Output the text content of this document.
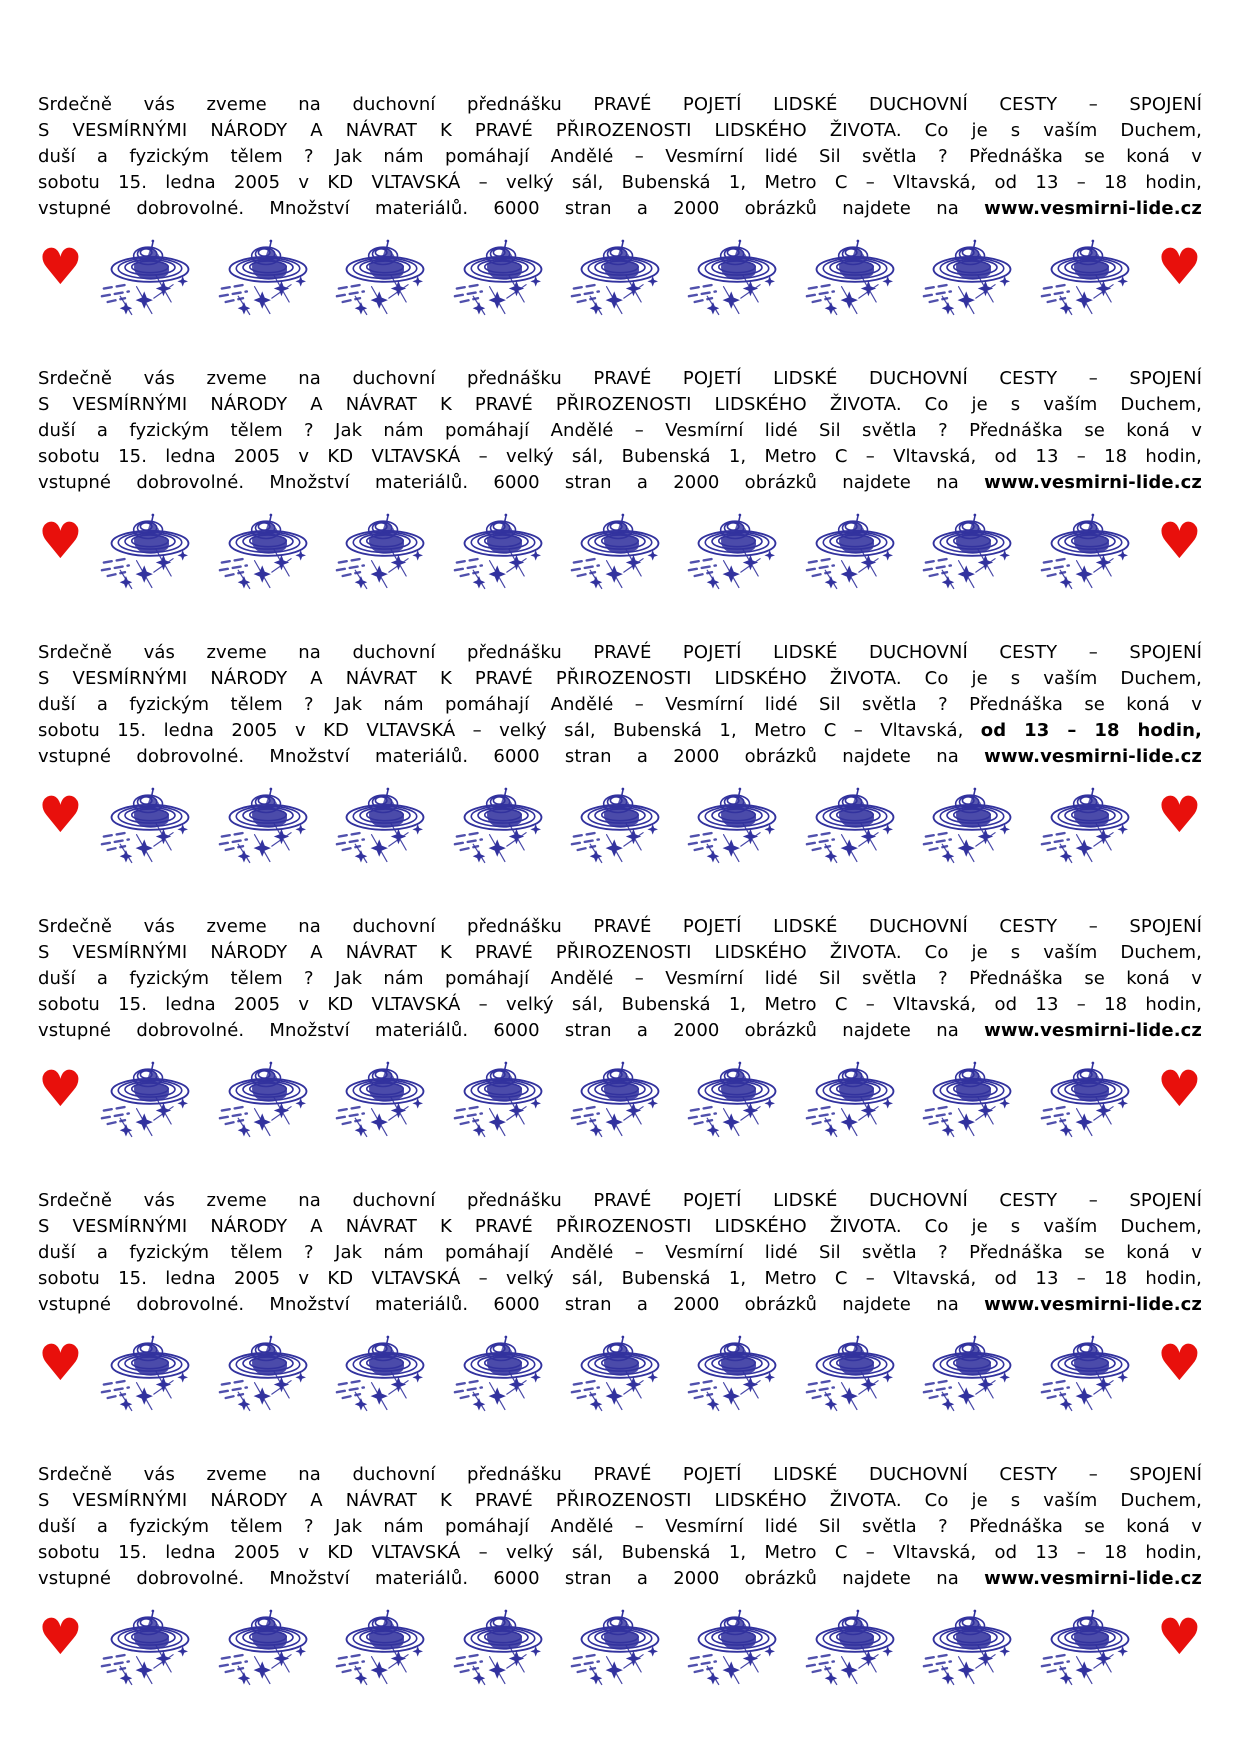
Srdečně vás zveme na duchovní přednášku PRAVÉ POJETÍ LIDSKÉ DUCHOVNÍ CESTY – SPOJENÍ
S VESMÍRNÝMI NÁRODY A NÁVRAT K PRAVÉ PŘIROZENOSTI LIDSKÉHO ŽIVOTA. Co je s vaším Duchem,
duší a fyzickým tělem ? Jak nám pomáhají Andělé – Vesmírní lidé Sil světla ? Přednáška se koná v
sobotu 15. ledna 2005 v KD VLTAVSKÁ – velký sál, Bubenská 1, Metro C – Vltavská, od 13 – 18 hodin,
vstupné dobrovolné. Množství materiálů. 6000 stran a 2000 obrázků najdete na www.vesmirni-lide.cz
♥	♥
Srdečně vás zveme na duchovní přednášku PRAVÉ POJETÍ LIDSKÉ DUCHOVNÍ CESTY – SPOJENÍ
S VESMÍRNÝMI NÁRODY A NÁVRAT K PRAVÉ PŘIROZENOSTI LIDSKÉHO ŽIVOTA. Co je s vaším Duchem,
duší a fyzickým tělem ? Jak nám pomáhají Andělé – Vesmírní lidé Sil světla ? Přednáška se koná v
sobotu 15. ledna 2005 v KD VLTAVSKÁ – velký sál, Bubenská 1, Metro C – Vltavská, od 13 – 18 hodin,
vstupné dobrovolné. Množství materiálů. 6000 stran a 2000 obrázků najdete na www.vesmirni-lide.cz
♥	♥
Srdečně vás zveme na duchovní přednášku PRAVÉ POJETÍ LIDSKÉ DUCHOVNÍ CESTY – SPOJENÍ
S VESMÍRNÝMI NÁRODY A NÁVRAT K PRAVÉ PŘIROZENOSTI LIDSKÉHO ŽIVOTA. Co je s vaším Duchem,
duší a fyzickým tělem ? Jak nám pomáhají Andělé – Vesmírní lidé Sil světla ? Přednáška se koná v
sobotu 15. ledna 2005 v KD VLTAVSKÁ – velký sál, Bubenská 1, Metro C – Vltavská, od 13 – 18 hodin,
vstupné dobrovolné. Množství materiálů. 6000 stran a 2000 obrázků najdete na www.vesmirni-lide.cz
♥	♥
Srdečně vás zveme na duchovní přednášku PRAVÉ POJETÍ LIDSKÉ DUCHOVNÍ CESTY – SPOJENÍ
S VESMÍRNÝMI NÁRODY A NÁVRAT K PRAVÉ PŘIROZENOSTI LIDSKÉHO ŽIVOTA. Co je s vaším Duchem,
duší a fyzickým tělem ? Jak nám pomáhají Andělé – Vesmírní lidé Sil světla ? Přednáška se koná v
sobotu 15. ledna 2005 v KD VLTAVSKÁ – velký sál, Bubenská 1, Metro C – Vltavská, od 13 – 18 hodin,
vstupné dobrovolné. Množství materiálů. 6000 stran a 2000 obrázků najdete na www.vesmirni-lide.cz
♥	♥
Srdečně vás zveme na duchovní přednášku PRAVÉ POJETÍ LIDSKÉ DUCHOVNÍ CESTY – SPOJENÍ
S VESMÍRNÝMI NÁRODY A NÁVRAT K PRAVÉ PŘIROZENOSTI LIDSKÉHO ŽIVOTA. Co je s vaším Duchem,
duší a fyzickým tělem ? Jak nám pomáhají Andělé – Vesmírní lidé Sil světla ? Přednáška se koná v
sobotu 15. ledna 2005 v KD VLTAVSKÁ – velký sál, Bubenská 1, Metro C – Vltavská, od 13 – 18 hodin,
vstupné dobrovolné. Množství materiálů. 6000 stran a 2000 obrázků najdete na www.vesmirni-lide.cz
♥	♥
Srdečně vás zveme na duchovní přednášku PRAVÉ POJETÍ LIDSKÉ DUCHOVNÍ CESTY – SPOJENÍ
S VESMÍRNÝMI NÁRODY A NÁVRAT K PRAVÉ PŘIROZENOSTI LIDSKÉHO ŽIVOTA. Co je s vaším Duchem,
duší a fyzickým tělem ? Jak nám pomáhají Andělé – Vesmírní lidé Sil světla ? Přednáška se koná v
sobotu 15. ledna 2005 v KD VLTAVSKÁ – velký sál, Bubenská 1, Metro C – Vltavská, od 13 – 18 hodin,
vstupné dobrovolné. Množství materiálů. 6000 stran a 2000 obrázků najdete na www.vesmirni-lide.cz
♥	♥
